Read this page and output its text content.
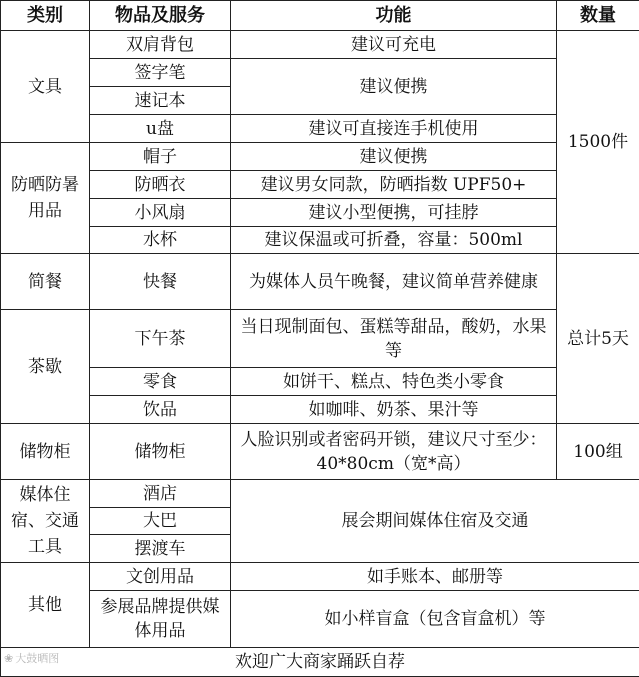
类别	物品及服务	功能	数量
文具	双肩背包	建议可充电	1500件
	签字笔	建议便携	
	速记本		
	u盘	建议可直接连手机使用	
防晒防暑用品	帽子	建议便携	
	防晒衣	建议男女同款，防晒指数 UPF50+	
	小风扇	建议小型便携，可挂脖	
	水杯	建议保温或可折叠，容量：500ml	
简餐	快餐	为媒体人员午晚餐，建议简单营养健康	总计5天
茶歇	下午茶	当日现制面包、蛋糕等甜品，酸奶，水果等	
	零食	如饼干、糕点、特色类小零食	
	饮品	如咖啡、奶茶、果汁等	
储物柜	储物柜	人脸识别或者密码开锁，建议尺寸至少：40*80cm（宽*高）	100组
媒体住宿、交通工具	酒店	展会期间媒体住宿及交通	
	大巴		
	摆渡车		
其他	文创用品	如手账本、邮册等	
	参展品牌提供媒体用品	如小样盲盒（包含盲盒机）等	
欢迎广大商家踊跃自荐			
❀ 大鼓晒图
